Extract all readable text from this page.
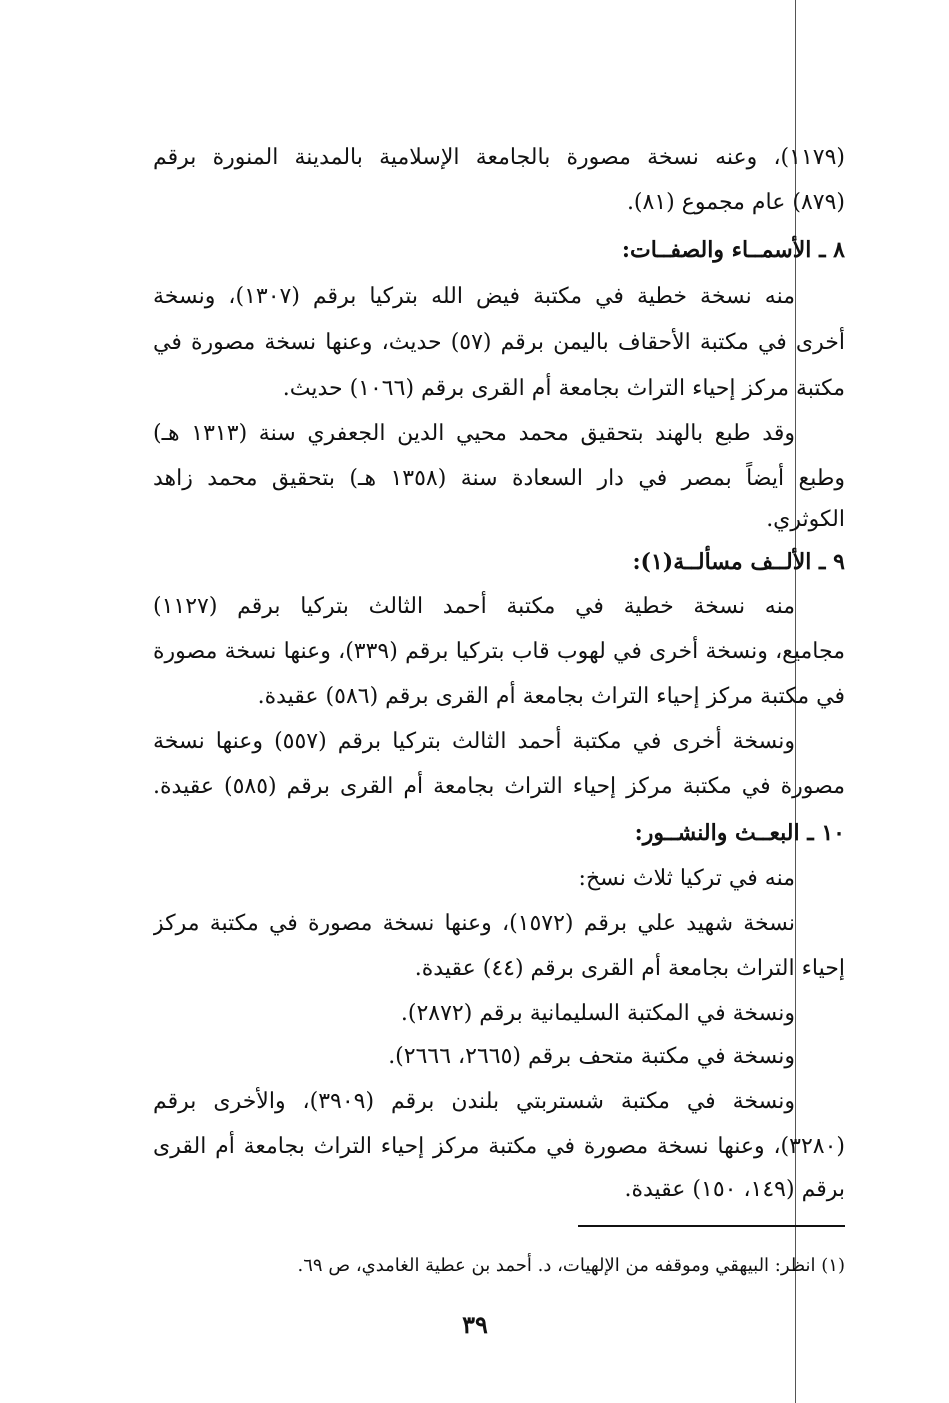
(١١٧٩)، وعنه نسخة مصورة بالجامعة الإسلامية بالمدينة المنورة برقم
(٨٧٩) عام مجموع (٨١).
٨ ـ الأسمــاء والصفــات:
منه نسخة خطية في مكتبة فيض الله بتركيا برقم (١٣٠٧)، ونسخة
أخرى في مكتبة الأحقاف باليمن برقم (٥٧) حديث، وعنها نسخة مصورة في
مكتبة مركز إحياء التراث بجامعة أم القرى برقم (١٠٦٦) حديث.
وقد طبع بالهند بتحقيق محمد محيي الدين الجعفري سنة (١٣١٣ هـ)
وطبع أيضاً بمصر في دار السعادة سنة (١٣٥٨ هـ) بتحقيق محمد زاهد
الكوثري.
٩ ـ الألــف مسألــة(١):
منه نسخة خطية في مكتبة أحمد الثالث بتركيا برقم (١١٢٧)
مجاميع، ونسخة أخرى في لهوب قاب بتركيا برقم (٣٣٩)، وعنها نسخة مصورة
في مكتبة مركز إحياء التراث بجامعة أم القرى برقم (٥٨٦) عقيدة.
ونسخة أخرى في مكتبة أحمد الثالث بتركيا برقم (٥٥٧) وعنها نسخة
مصورة في مكتبة مركز إحياء التراث بجامعة أم القرى برقم (٥٨٥) عقيدة.
١٠ ـ البعــث والنشــور:
منه في تركيا ثلاث نسخ:
نسخة شهيد علي برقم (١٥٧٢)، وعنها نسخة مصورة في مكتبة مركز
إحياء التراث بجامعة أم القرى برقم (٤٤) عقيدة.
ونسخة في المكتبة السليمانية برقم (٢٨٧٢).
ونسخة في مكتبة متحف برقم (٢٦٦٥، ٢٦٦٦).
ونسخة في مكتبة شستربتي بلندن برقم (٣٩٠٩)، والأخرى برقم
(٣٢٨٠)، وعنها نسخة مصورة في مكتبة مركز إحياء التراث بجامعة أم القرى
برقم (١٤٩، ١٥٠) عقيدة.
(١) انظر: البيهقي وموقفه من الإلهيات، د. أحمد بن عطية الغامدي، ص ٦٩.
٣٩
